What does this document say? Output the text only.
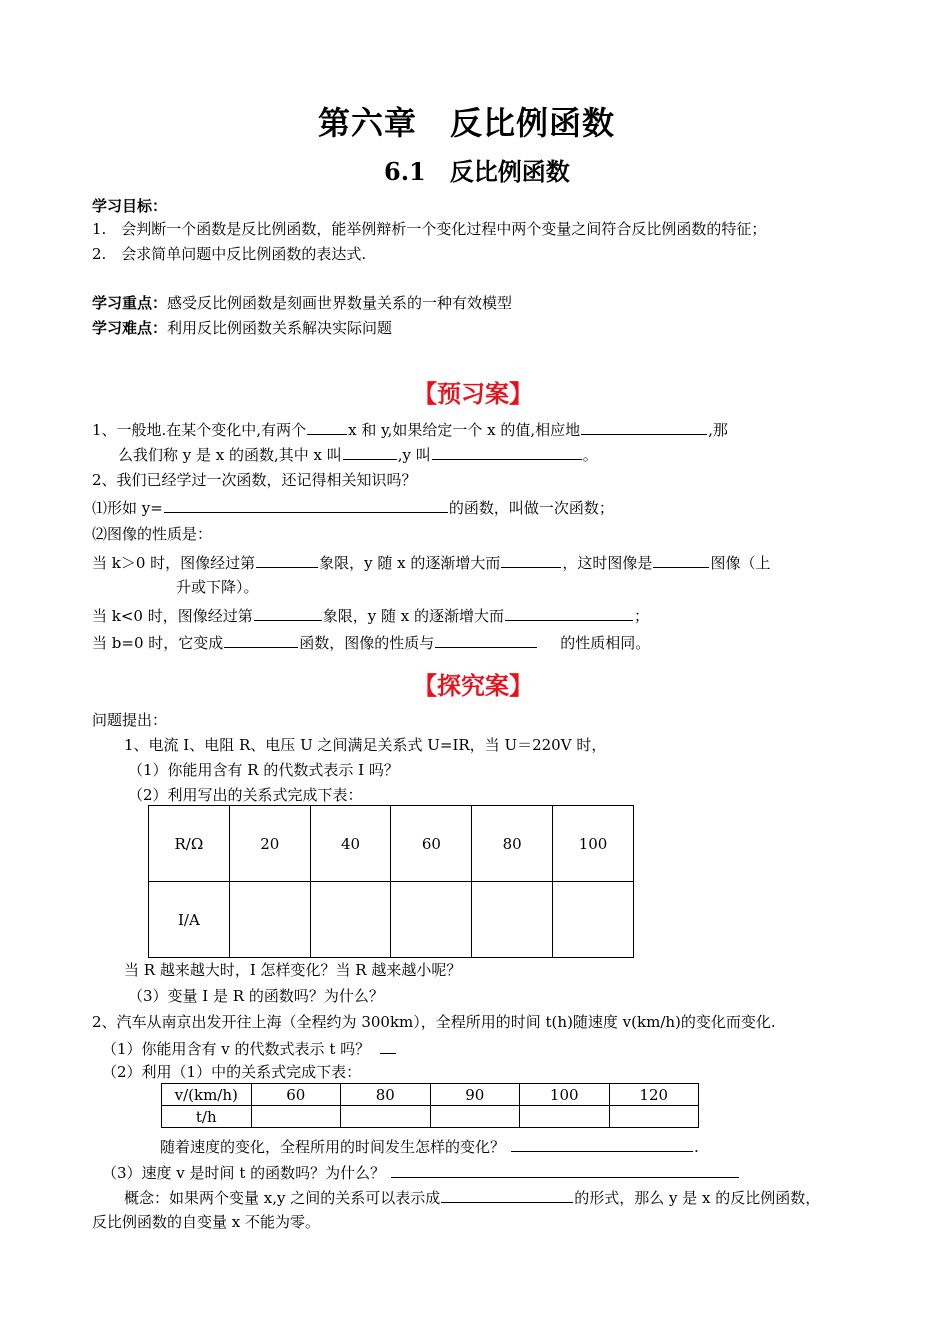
第六章　反比例函数
6.1　反比例函数
学习目标：
1.　会判断一个函数是反比例函数，能举例辩析一个变化过程中两个变量之间符合反比例函数的特征；
2.　会求简单问题中反比例函数的表达式.
学习重点：感受反比例函数是刻画世界数量关系的一种有效模型
学习难点：利用反比例函数关系解决实际问题
【预习案】
1、一般地.在某个变化中,有两个	x 和 y,如果给定一个 x 的值,相应地	,那
么我们称 y 是 x 的函数,其中 x 叫	,y 叫	。
2、我们已经学过一次函数，还记得相关知识吗？
⑴形如 y=	的函数，叫做一次函数；
⑵图像的性质是：
当 k＞0 时，图像经过第	象限，y 随 x 的逐渐增大而	，这时图像是	图像（上
升或下降）。
当 k<0 时，图像经过第	象限，y 随 x 的逐渐增大而	；
当 b=0 时，它变成	函数，图像的性质与	的性质相同。
【探究案】
问题提出：
1、电流 I、电阻 R、电压 U 之间满足关系式 U=IR，当 U＝220V 时，
（1）你能用含有 R 的代数式表示 I 吗？
（2）利用写出的关系式完成下表：
R/Ω	20	40	60	80	100
I/A					
当 R 越来越大时，I 怎样变化？当 R 越来越小呢？
（3）变量 I 是 R 的函数吗？为什么？
2、汽车从南京出发开往上海（全程约为 300km），全程所用的时间 t(h)随速度 v(km/h)的变化而变化.
（1）你能用含有 v 的代数式表示 t 吗？
（2）利用（1）中的关系式完成下表：
v/(km/h)	60	80	90	100	120
t/h					
随着速度的变化，全程所用的时间发生怎样的变化？	.
（3）速度 v 是时间 t 的函数吗？为什么？
概念：如果两个变量 x,y 之间的关系可以表示成	的形式，那么 y 是 x 的反比例函数，
反比例函数的自变量 x 不能为零。
